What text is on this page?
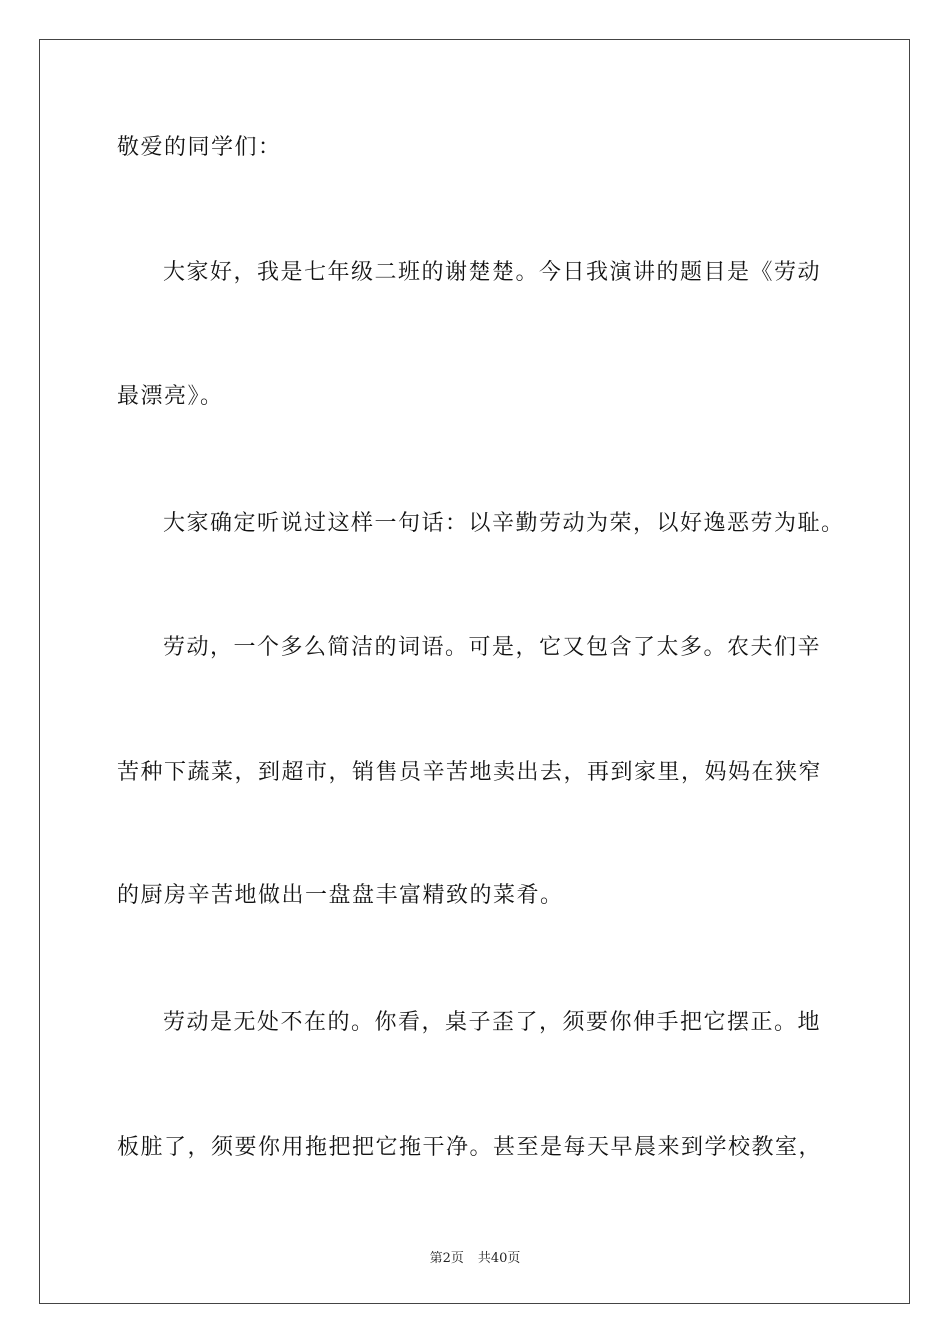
敬爱的同学们：
大家好，我是七年级二班的谢楚楚。今日我演讲的题目是《劳动
最漂亮》。
大家确定听说过这样一句话：以辛勤劳动为荣，以好逸恶劳为耻。
劳动，一个多么简洁的词语。可是，它又包含了太多。农夫们辛
苦种下蔬菜，到超市，销售员辛苦地卖出去，再到家里，妈妈在狭窄
的厨房辛苦地做出一盘盘丰富精致的菜肴。
劳动是无处不在的。你看，桌子歪了，须要你伸手把它摆正。地
板脏了，须要你用拖把把它拖干净。甚至是每天早晨来到学校教室，
第2页 共40页
